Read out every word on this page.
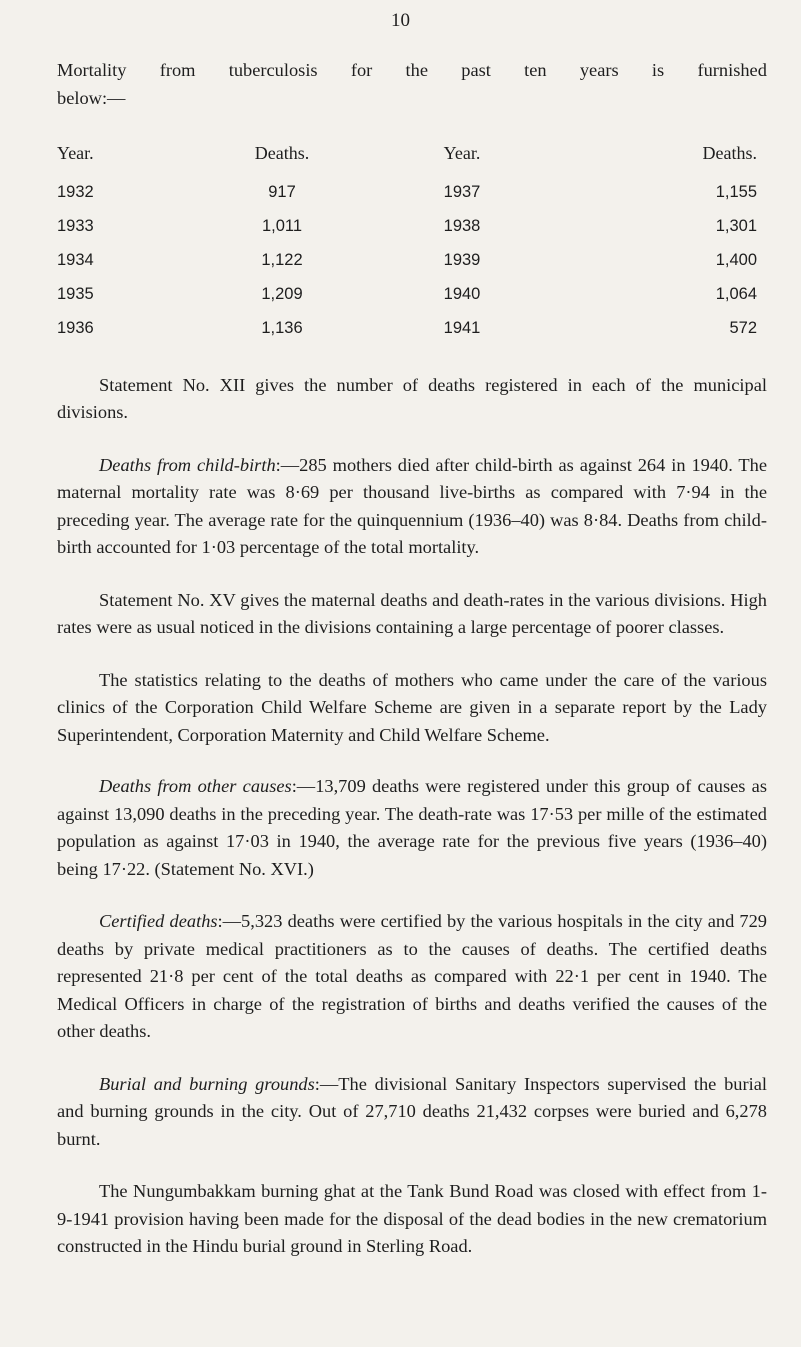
10
Mortality from tuberculosis for the past ten years is furnished
below:—
Year.	Deaths.	Year.	Deaths.
1932	917	1937	1,155
1933	1,011	1938	1,301
1934	1,122	1939	1,400
1935	1,209	1940	1,064
1936	1,136	1941	572

Statement No. XII gives the number of deaths registered in each of the municipal divisions.

Deaths from child-birth:—285 mothers died after child-birth as against 264 in 1940. The maternal mortality rate was 8·69 per thousand live-births as compared with 7·94 in the preceding year. The average rate for the quinquennium (1936–40) was 8·84. Deaths from child-birth accounted for 1·03 percentage of the total mortality.

Statement No. XV gives the maternal deaths and death-rates in the various divisions. High rates were as usual noticed in the divisions containing a large percentage of poorer classes.

The statistics relating to the deaths of mothers who came under the care of the various clinics of the Corporation Child Welfare Scheme are given in a separate report by the Lady Superintendent, Corporation Maternity and Child Welfare Scheme.

Deaths from other causes:—13,709 deaths were registered under this group of causes as against 13,090 deaths in the preceding year. The death-rate was 17·53 per mille of the estimated population as against 17·03 in 1940, the average rate for the previous five years (1936–40) being 17·22. (Statement No. XVI.)

Certified deaths:—5,323 deaths were certified by the various hospitals in the city and 729 deaths by private medical practitioners as to the causes of deaths. The certified deaths represented 21·8 per cent of the total deaths as compared with 22·1 per cent in 1940. The Medical Officers in charge of the registration of births and deaths verified the causes of the other deaths.

Burial and burning grounds:—The divisional Sanitary Inspectors supervised the burial and burning grounds in the city. Out of 27,710 deaths 21,432 corpses were buried and 6,278 burnt.

The Nungumbakkam burning ghat at the Tank Bund Road was closed with effect from 1-9-1941 provision having been made for the disposal of the dead bodies in the new crematorium constructed in the Hindu burial ground in Sterling Road.
